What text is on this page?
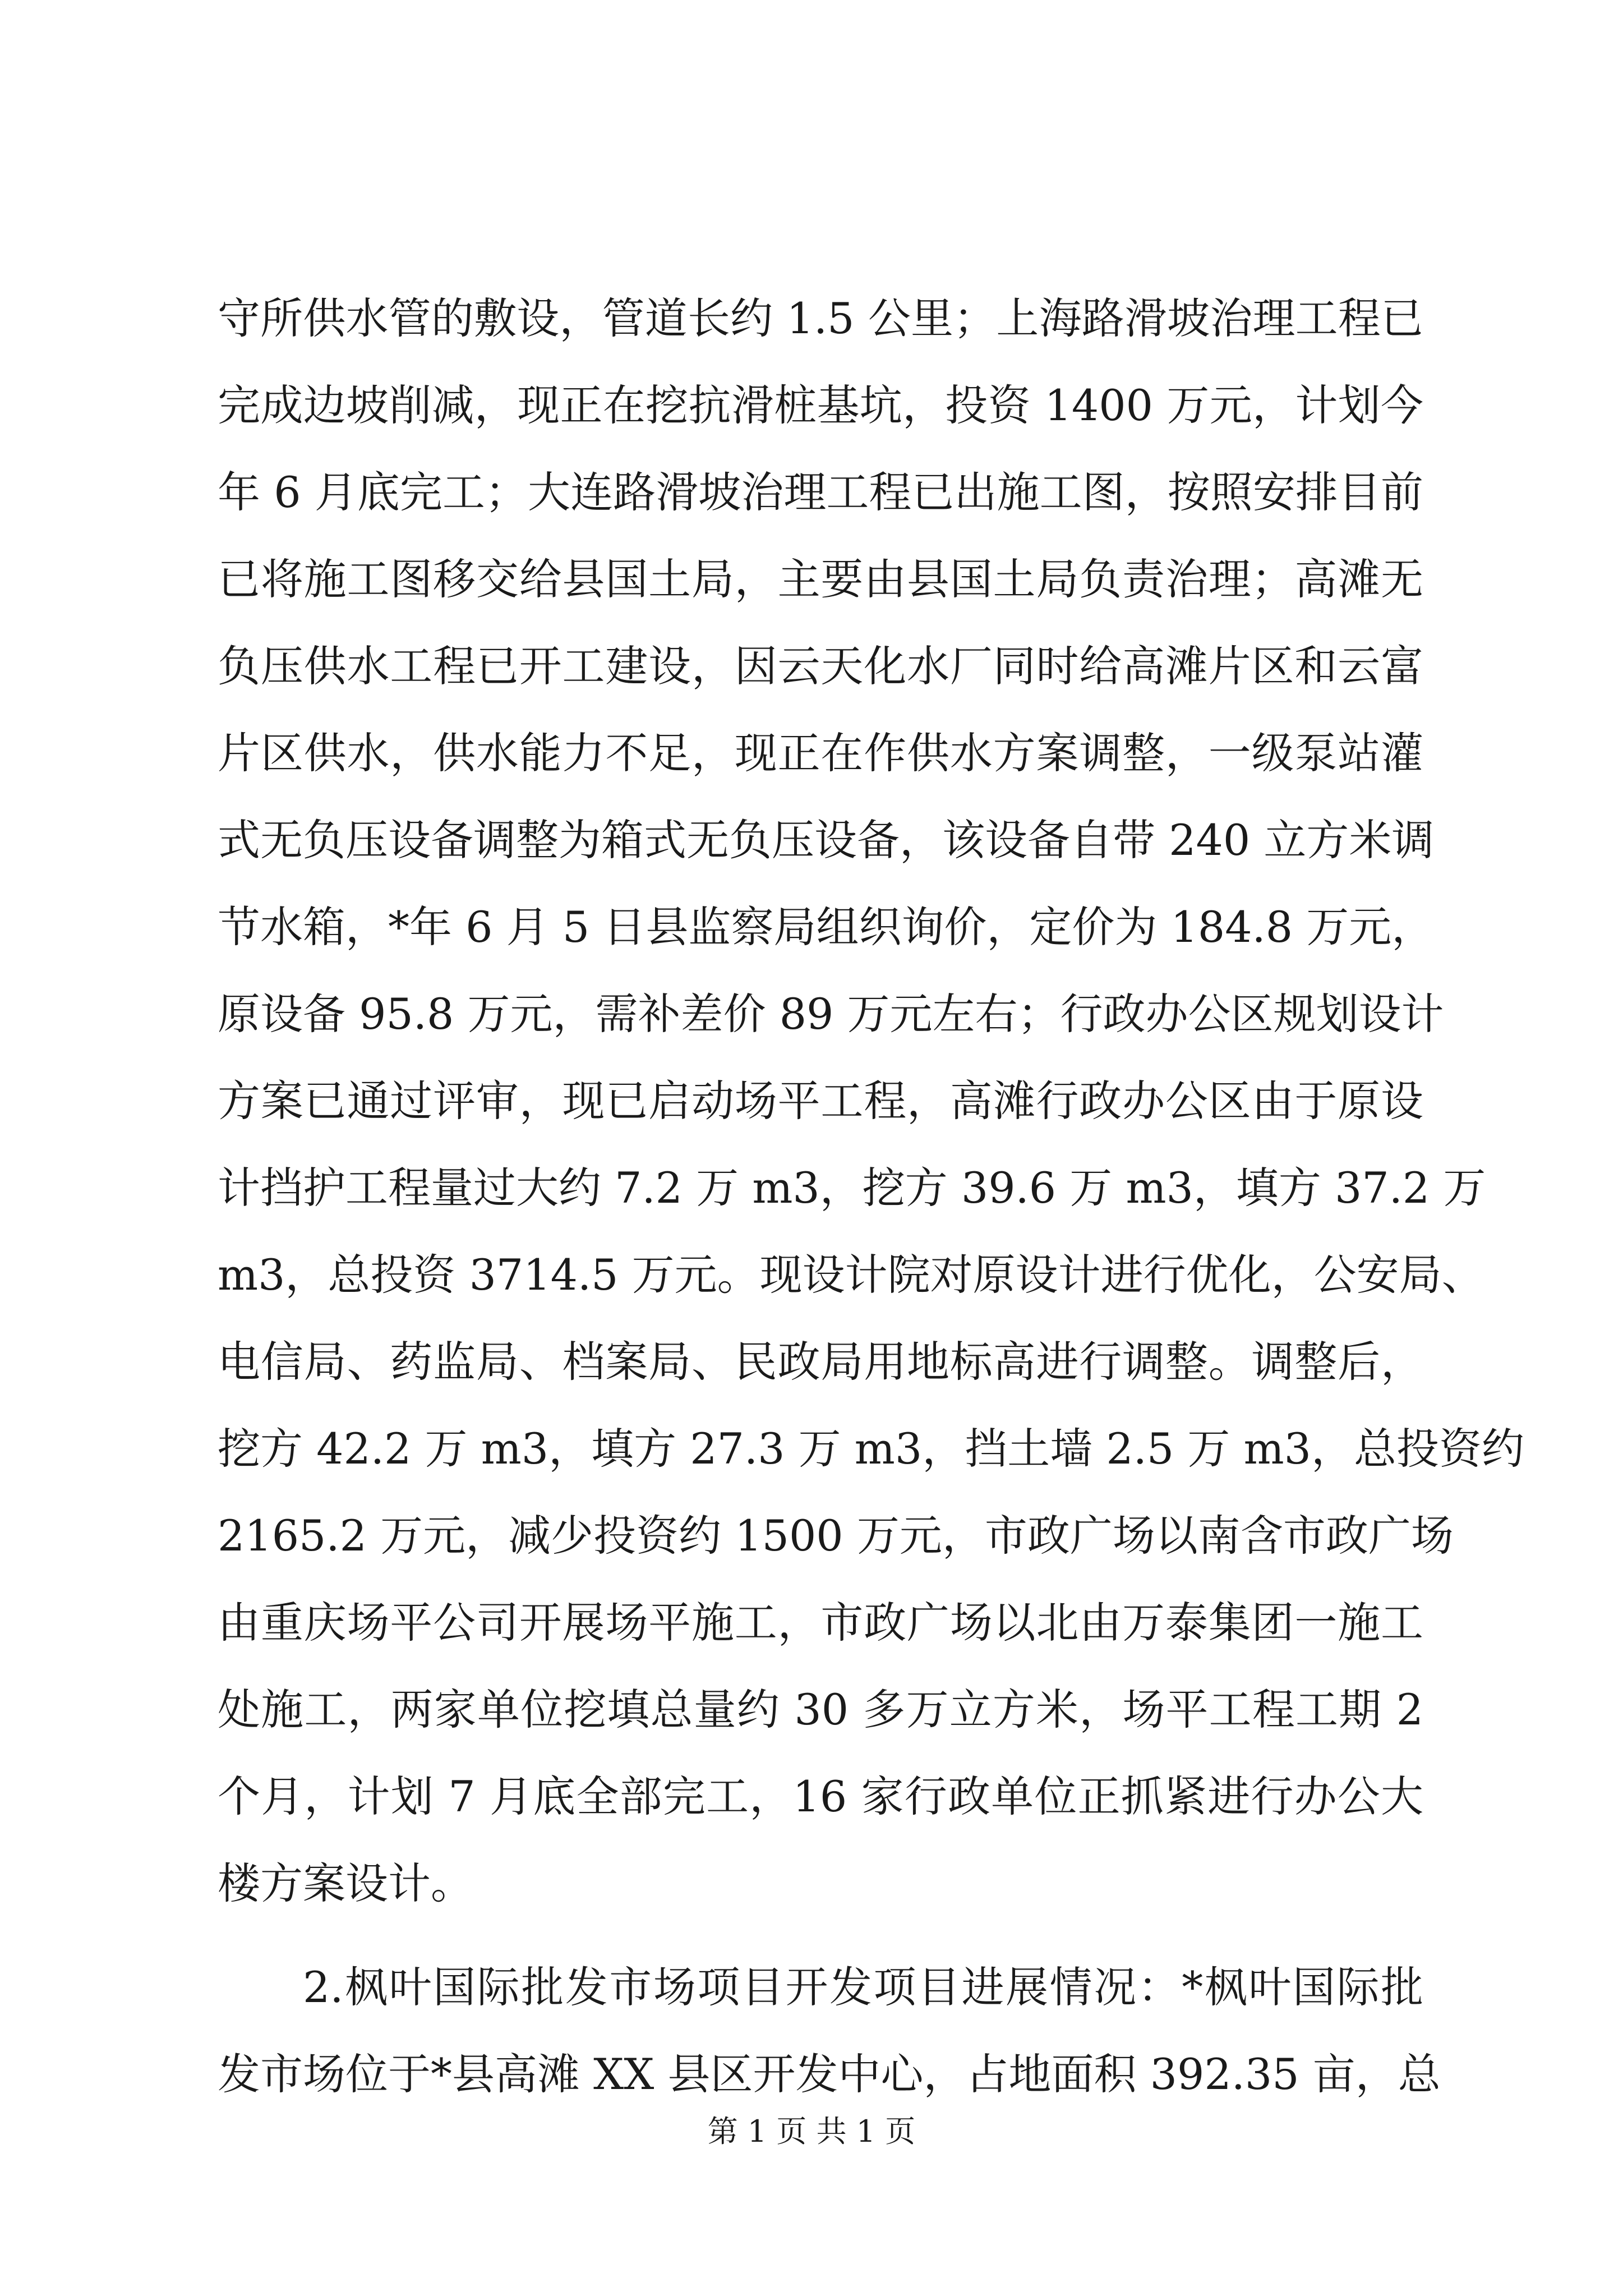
守所供水管的敷设，管道长约 1.5 公里；上海路滑坡治理工程已
完成边坡削减，现正在挖抗滑桩基坑，投资 1400 万元，计划今
年 6 月底完工；大连路滑坡治理工程已出施工图，按照安排目前
已将施工图移交给县国土局，主要由县国土局负责治理；高滩无
负压供水工程已开工建设，因云天化水厂同时给高滩片区和云富
片区供水，供水能力不足，现正在作供水方案调整，一级泵站灌
式无负压设备调整为箱式无负压设备，该设备自带 240 立方米调
节水箱，*年 6 月 5 日县监察局组织询价，定价为 184.8 万元，
原设备 95.8 万元，需补差价 89 万元左右；行政办公区规划设计
方案已通过评审，现已启动场平工程，高滩行政办公区由于原设
计挡护工程量过大约 7.2 万 m3，挖方 39.6 万 m3，填方 37.2 万
m3，总投资 3714.5 万元。现设计院对原设计进行优化，公安局、
电信局、药监局、档案局、民政局用地标高进行调整。调整后，
挖方 42.2 万 m3，填方 27.3 万 m3，挡土墙 2.5 万 m3，总投资约
2165.2 万元，减少投资约 1500 万元，市政广场以南含市政广场
由重庆场平公司开展场平施工，市政广场以北由万泰集团一施工
处施工，两家单位挖填总量约 30 多万立方米，场平工程工期 2
个月，计划 7 月底全部完工，16 家行政单位正抓紧进行办公大
楼方案设计。
2.枫叶国际批发市场项目开发项目进展情况：*枫叶国际批
发市场位于*县高滩 XX 县区开发中心，占地面积 392.35 亩，总
第 1 页 共 1 页
